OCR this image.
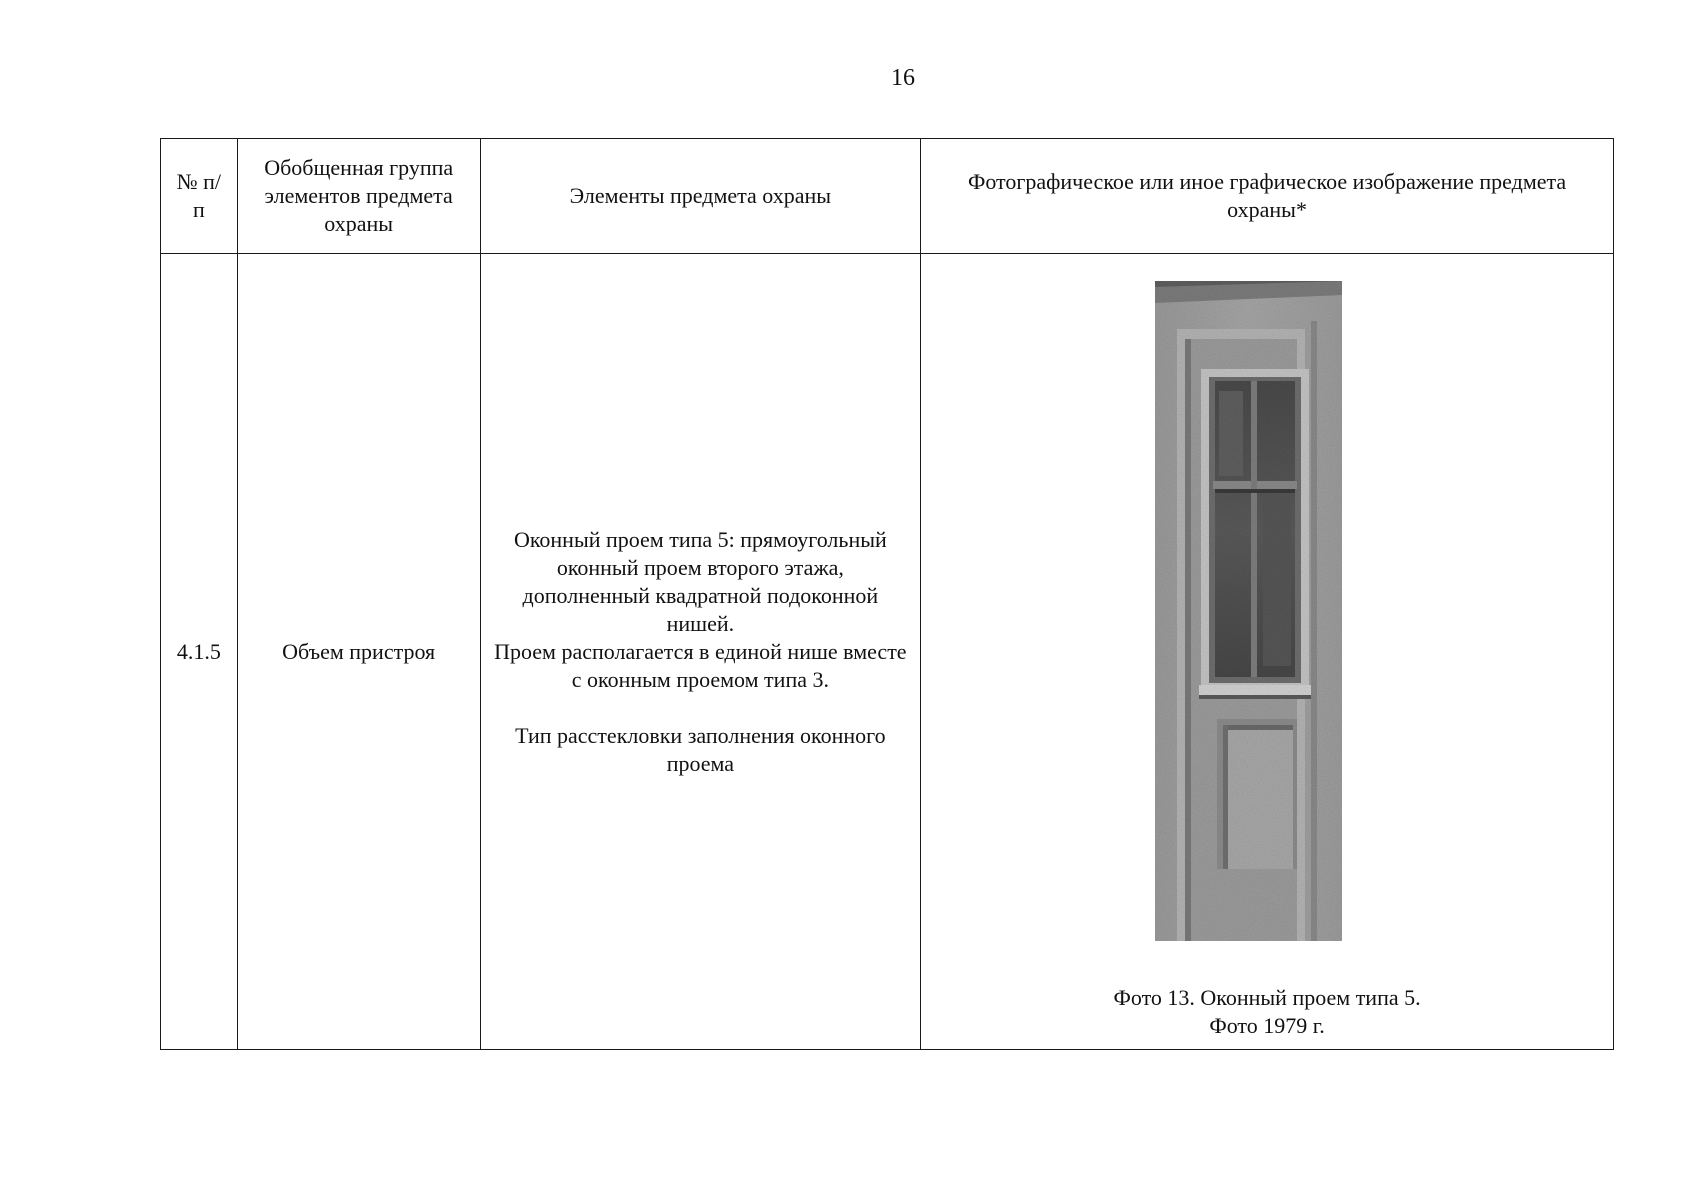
16
№ п/п	Обобщенная группа элементов предмета охраны	Элементы предмета охраны	Фотографическое или иное графическое изображение предмета охраны*
4.1.5	Объем пристроя	Оконный проем типа 5: прямоугольный оконный проем второго этажа, дополненный квадратной подоконной нишей.
Проем располагается в единой нише вместе с оконным проемом типа 3.
Тип расстекловки заполнения оконного проема	Фото 13. Оконный проем типа 5.
Фото 1979 г.
